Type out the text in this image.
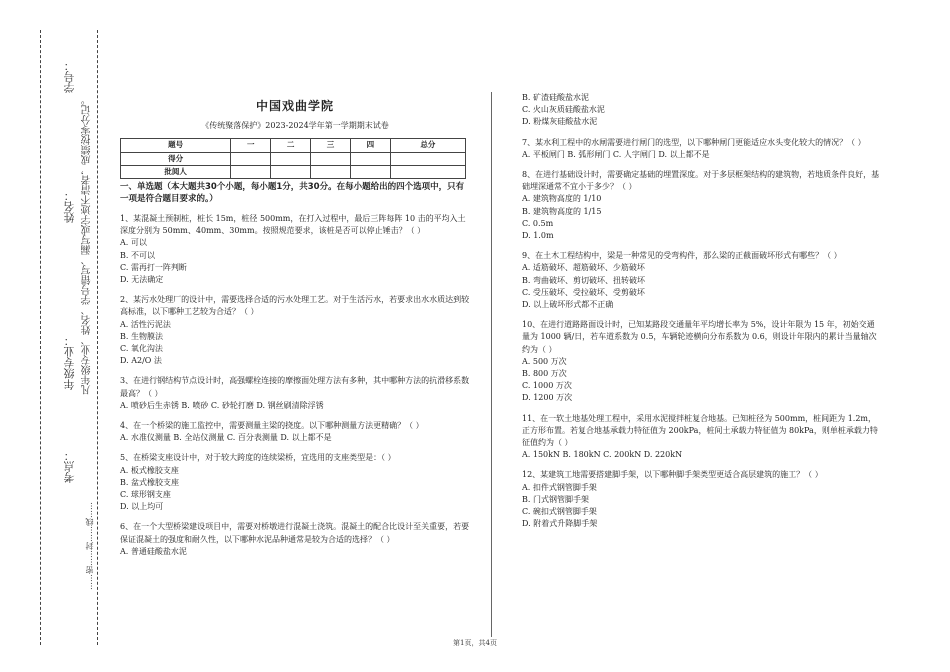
学号：
姓名：
年级专业：
考点：
凡年级专业、姓名、学号错写、漏写或字迹不清者，成绩按零分记。
……密……封……线……
中国戏曲学院
《传统聚落保护》2023-2024学年第一学期期末试卷
题号	一	二	三	四	总分
得分					
批阅人					
一、单选题（本大题共30个小题，每小题1分，共30分。在每小题给出的四个选项中，只有一项是符合题目要求的。）
1、某混凝土预制桩，桩长 15m，桩径 500mm，在打入过程中，最后三阵每阵 10 击的平均入土深度分别为 50mm、40mm、30mm。按照规范要求，该桩是否可以停止锤击？（ ）
A. 可以
B. 不可以
C. 需再打一阵判断
D. 无法确定
2、某污水处理厂的设计中，需要选择合适的污水处理工艺。对于生活污水，若要求出水水质达到较高标准，以下哪种工艺较为合适？（ ）
A. 活性污泥法
B. 生物膜法
C. 氧化沟法
D. A2/O 法
3、在进行钢结构节点设计时，高强螺栓连接的摩擦面处理方法有多种，其中哪种方法的抗滑移系数最高？（ ）
A. 喷砂后生赤锈 B. 喷砂 C. 砂轮打磨 D. 钢丝刷清除浮锈
4、在一个桥梁的施工监控中，需要测量主梁的挠度。以下哪种测量方法更精确？（ ）
A. 水准仪测量 B. 全站仪测量 C. 百分表测量 D. 以上都不是
5、在桥梁支座设计中，对于较大跨度的连续梁桥，宜选用的支座类型是：（ ）
A. 板式橡胶支座
B. 盆式橡胶支座
C. 球形钢支座
D. 以上均可
6、在一个大型桥梁建设项目中，需要对桥墩进行混凝土浇筑。混凝土的配合比设计至关重要，若要保证混凝土的强度和耐久性，以下哪种水泥品种通常是较为合适的选择？（ ）
A. 普通硅酸盐水泥
B. 矿渣硅酸盐水泥
C. 火山灰质硅酸盐水泥
D. 粉煤灰硅酸盐水泥
7、某水利工程中的水闸需要进行闸门的选型，以下哪种闸门更能适应水头变化较大的情况？（ ）
A. 平板闸门 B. 弧形闸门 C. 人字闸门 D. 以上都不是
8、在进行基础设计时，需要确定基础的埋置深度。对于多层框架结构的建筑物，若地质条件良好，基础埋深通常不宜小于多少？（ ）
A. 建筑物高度的 1/10
B. 建筑物高度的 1/15
C. 0.5m
D. 1.0m
9、在土木工程结构中，梁是一种常见的受弯构件，那么梁的正截面破坏形式有哪些？（ ）
A. 适筋破坏、超筋破坏、少筋破坏
B. 弯曲破坏、剪切破坏、扭转破坏
C. 受压破坏、受拉破坏、受剪破坏
D. 以上破坏形式都不正确
10、在进行道路路面设计时，已知某路段交通量年平均增长率为 5%，设计年限为 15 年，初始交通量为 1000 辆/日，若车道系数为 0.5，车辆轮迹横向分布系数为 0.6，则设计年限内的累计当量轴次约为（ ）
A. 500 万次
B. 800 万次
C. 1000 万次
D. 1200 万次
11、在一软土地基处理工程中，采用水泥搅拌桩复合地基。已知桩径为 500mm，桩间距为 1.2m，正方形布置。若复合地基承载力特征值为 200kPa，桩间土承载力特征值为 80kPa，则单桩承载力特征值约为（ ）
A. 150kN B. 180kN C. 200kN D. 220kN
12、某建筑工地需要搭建脚手架，以下哪种脚手架类型更适合高层建筑的施工？（ ）
A. 扣件式钢管脚手架
B. 门式钢管脚手架
C. 碗扣式钢管脚手架
D. 附着式升降脚手架
第1页，共4页
